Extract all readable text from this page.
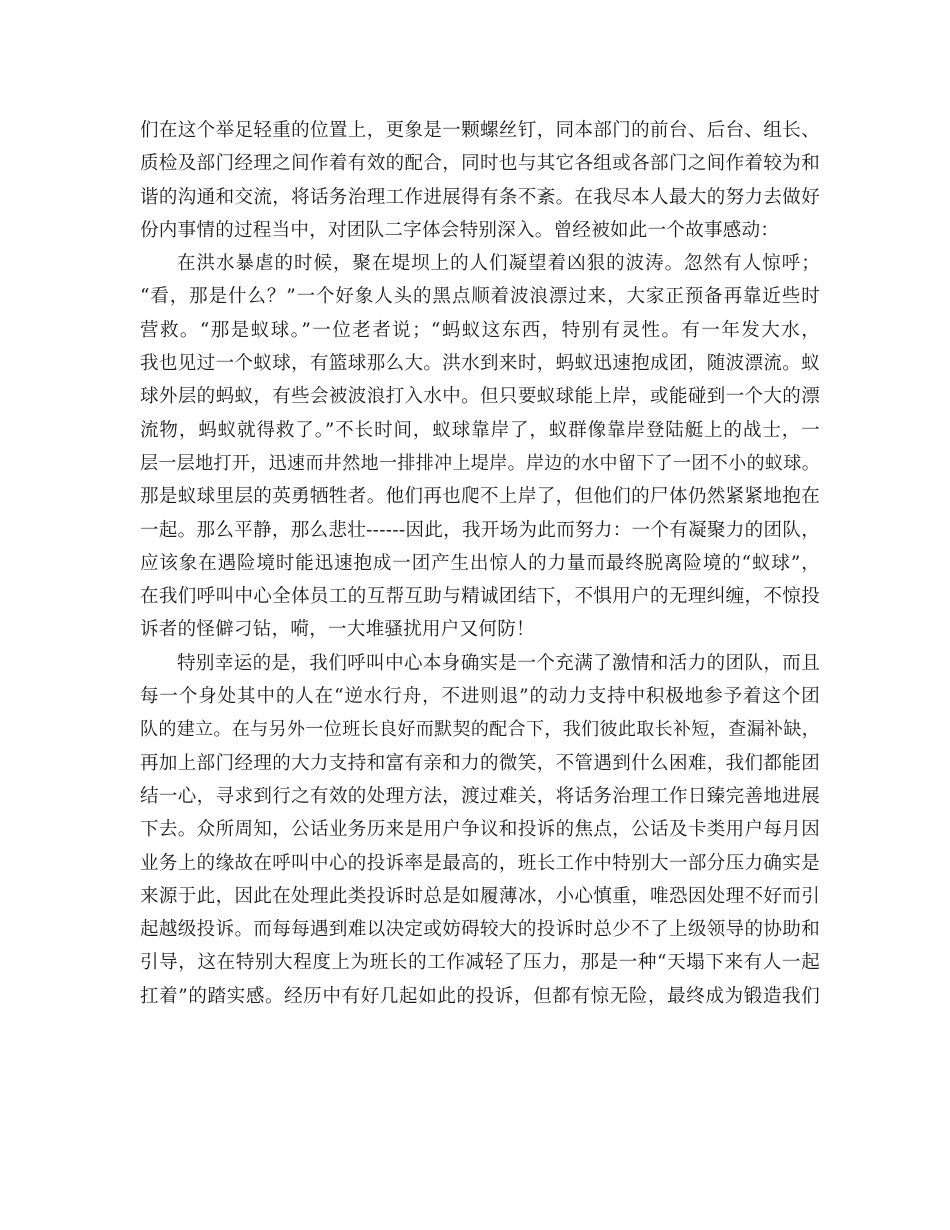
们在这个举足轻重的位置上，更象是一颗螺丝钉，同本部门的前台、后台、组长、
质检及部门经理之间作着有效的配合，同时也与其它各组或各部门之间作着较为和
谐的沟通和交流，将话务治理工作进展得有条不紊。在我尽本人最大的努力去做好
份内事情的过程当中，对团队二字体会特别深入。曾经被如此一个故事感动：
在洪水暴虐的时候，聚在堤坝上的人们凝望着凶狠的波涛。忽然有人惊呼；
“看，那是什么？”一个好象人头的黑点顺着波浪漂过来，大家正预备再靠近些时
营救。“那是蚁球。”一位老者说；“蚂蚁这东西，特别有灵性。有一年发大水，
我也见过一个蚁球，有篮球那么大。洪水到来时，蚂蚁迅速抱成团，随波漂流。蚁
球外层的蚂蚁，有些会被波浪打入水中。但只要蚁球能上岸，或能碰到一个大的漂
流物，蚂蚁就得救了。”不长时间，蚁球靠岸了，蚁群像靠岸登陆艇上的战士，一
层一层地打开，迅速而井然地一排排冲上堤岸。岸边的水中留下了一团不小的蚁球。
那是蚁球里层的英勇牺牲者。他们再也爬不上岸了，但他们的尸体仍然紧紧地抱在
一起。那么平静，那么悲壮------因此，我开场为此而努力：一个有凝聚力的团队，
应该象在遇险境时能迅速抱成一团产生出惊人的力量而最终脱离险境的“蚁球”，
在我们呼叫中心全体员工的互帮互助与精诚团结下，不惧用户的无理纠缠，不惊投
诉者的怪僻刁钻，嗬，一大堆骚扰用户又何防！
特别幸运的是，我们呼叫中心本身确实是一个充满了激情和活力的团队，而且
每一个身处其中的人在“逆水行舟，不进则退”的动力支持中积极地参予着这个团
队的建立。在与另外一位班长良好而默契的配合下，我们彼此取长补短，查漏补缺，
再加上部门经理的大力支持和富有亲和力的微笑，不管遇到什么困难，我们都能团
结一心，寻求到行之有效的处理方法，渡过难关，将话务治理工作日臻完善地进展
下去。众所周知，公话业务历来是用户争议和投诉的焦点，公话及卡类用户每月因
业务上的缘故在呼叫中心的投诉率是最高的，班长工作中特别大一部分压力确实是
来源于此，因此在处理此类投诉时总是如履薄冰，小心慎重，唯恐因处理不好而引
起越级投诉。而每每遇到难以决定或妨碍较大的投诉时总少不了上级领导的协助和
引导，这在特别大程度上为班长的工作减轻了压力，那是一种“天塌下来有人一起
扛着”的踏实感。经历中有好几起如此的投诉，但都有惊无险，最终成为锻造我们
